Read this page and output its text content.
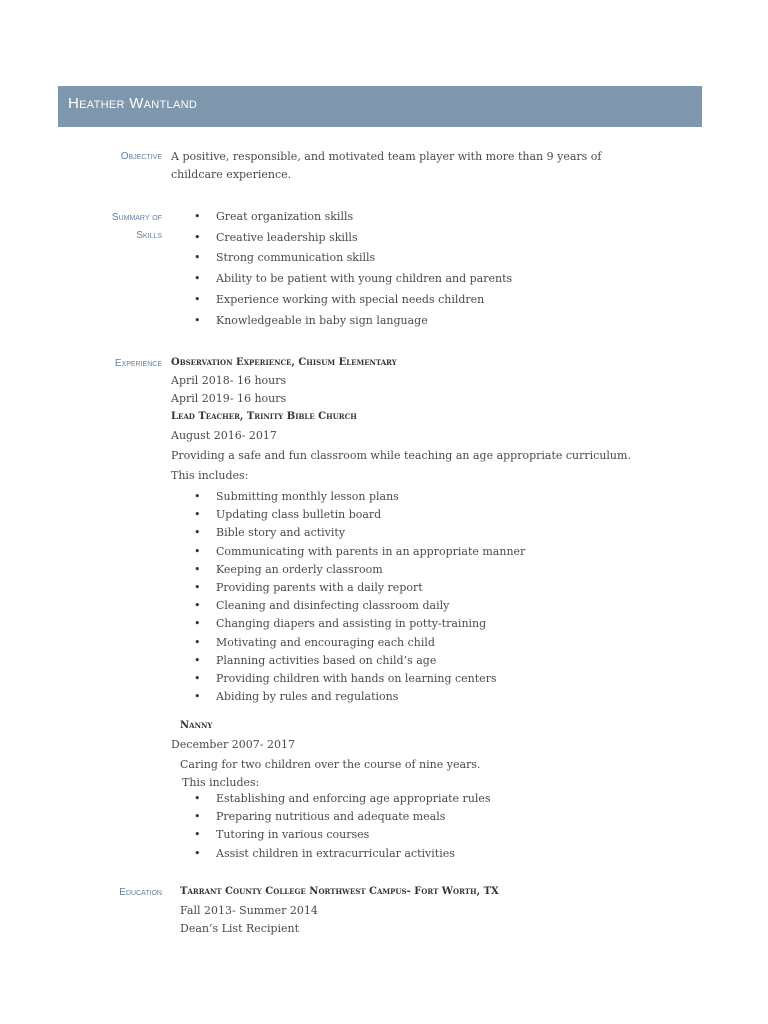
Heather Wantland
Objective A positive, responsible, and motivated team player with more than 9 years of
childcare experience.
Summary of
Skills
• Great organization skills
• Creative leadership skills
• Strong communication skills
• Ability to be patient with young children and parents
• Experience working with special needs children
• Knowledgeable in baby sign language
Experience Observation Experience, Chisum Elementary
April 2018- 16 hours
April 2019- 16 hours
Lead Teacher, Trinity Bible Church
August 2016- 2017
Providing a safe and fun classroom while teaching an age appropriate curriculum.
This includes:
• Submitting monthly lesson plans
• Updating class bulletin board
• Bible story and activity
• Communicating with parents in an appropriate manner
• Keeping an orderly classroom
• Providing parents with a daily report
• Cleaning and disinfecting classroom daily
• Changing diapers and assisting in potty-training
• Motivating and encouraging each child
• Planning activities based on child’s age
• Providing children with hands on learning centers
• Abiding by rules and regulations
Nanny
December 2007- 2017
Caring for two children over the course of nine years.
This includes:
• Establishing and enforcing age appropriate rules
• Preparing nutritious and adequate meals
• Tutoring in various courses
• Assist children in extracurricular activities
Education Tarrant County College Northwest Campus- Fort Worth, TX
Fall 2013- Summer 2014
Dean’s List Recipient
